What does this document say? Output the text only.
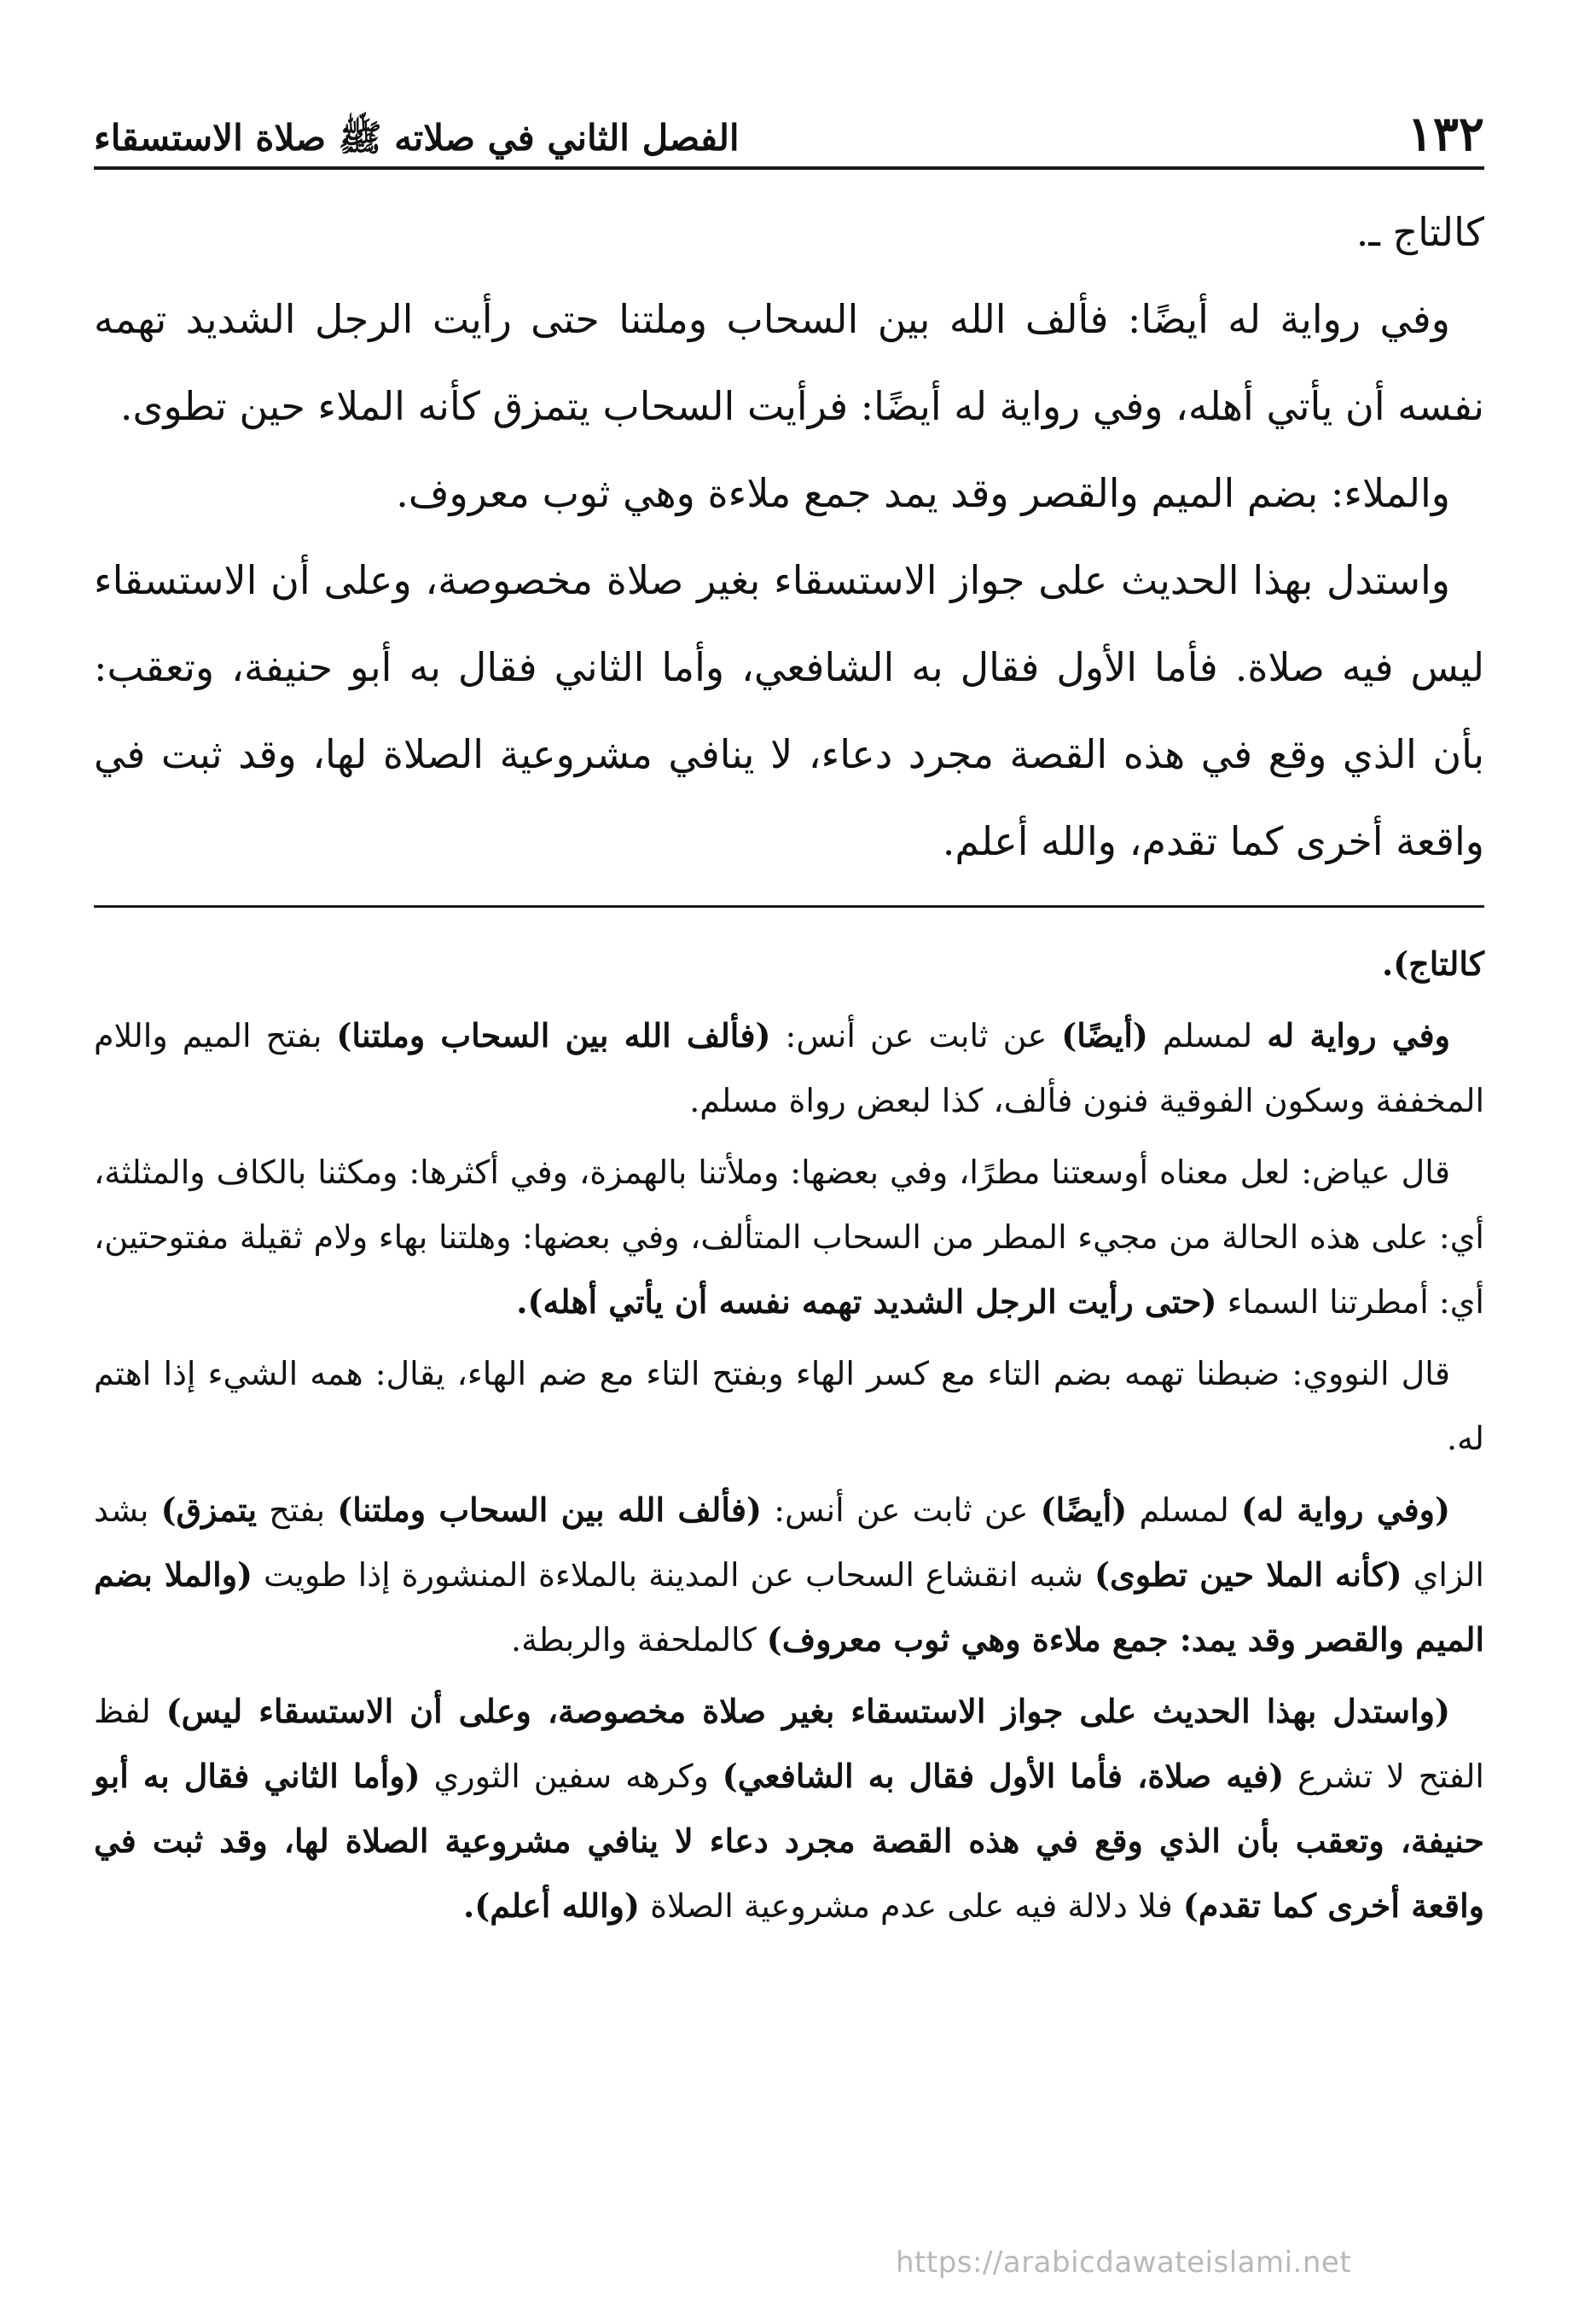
١٣٢
الفصل الثاني في صلاته ﷺ صلاة الاستسقاء

كالتاج ـ.

وفي رواية له أيضًا: فألف الله بين السحاب وملتنا حتى رأيت الرجل الشديد تهمه نفسه أن يأتي أهله، وفي رواية له أيضًا: فرأيت السحاب يتمزق كأنه الملاء حين تطوى.

والملاء: بضم الميم والقصر وقد يمد جمع ملاءة وهي ثوب معروف.

واستدل بهذا الحديث على جواز الاستسقاء بغير صلاة مخصوصة، وعلى أن الاستسقاء ليس فيه صلاة. فأما الأول فقال به الشافعي، وأما الثاني فقال به أبو حنيفة، وتعقب: بأن الذي وقع في هذه القصة مجرد دعاء، لا ينافي مشروعية الصلاة لها، وقد ثبت في واقعة أخرى كما تقدم، والله أعلم.

كالتاج).

وفي رواية له لمسلم (أيضًا) عن ثابت عن أنس: (فألف الله بين السحاب وملتنا) بفتح الميم واللام المخففة وسكون الفوقية فنون فألف، كذا لبعض رواة مسلم.

قال عياض: لعل معناه أوسعتنا مطرًا، وفي بعضها: وملأتنا بالهمزة، وفي أكثرها: ومكثنا بالكاف والمثلثة، أي: على هذه الحالة من مجيء المطر من السحاب المتألف، وفي بعضها: وهلتنا بهاء ولام ثقيلة مفتوحتين، أي: أمطرتنا السماء (حتى رأيت الرجل الشديد تهمه نفسه أن يأتي أهله).

قال النووي: ضبطنا تهمه بضم التاء مع كسر الهاء وبفتح التاء مع ضم الهاء، يقال: همه الشيء إذا اهتم له.

(وفي رواية له) لمسلم (أيضًا) عن ثابت عن أنس: (فألف الله بين السحاب وملتنا) بفتح يتمزق) بشد الزاي (كأنه الملا حين تطوى) شبه انقشاع السحاب عن المدينة بالملاءة المنشورة إذا طويت (والملا بضم الميم والقصر وقد يمد: جمع ملاءة وهي ثوب معروف) كالملحفة والربطة.

(واستدل بهذا الحديث على جواز الاستسقاء بغير صلاة مخصوصة، وعلى أن الاستسقاء ليس) لفظ الفتح لا تشرع (فيه صلاة، فأما الأول فقال به الشافعي) وكرهه سفين الثوري (وأما الثاني فقال به أبو حنيفة، وتعقب بأن الذي وقع في هذه القصة مجرد دعاء لا ينافي مشروعية الصلاة لها، وقد ثبت في واقعة أخرى كما تقدم) فلا دلالة فيه على عدم مشروعية الصلاة (والله أعلم).

https://arabicdawateislami.net
